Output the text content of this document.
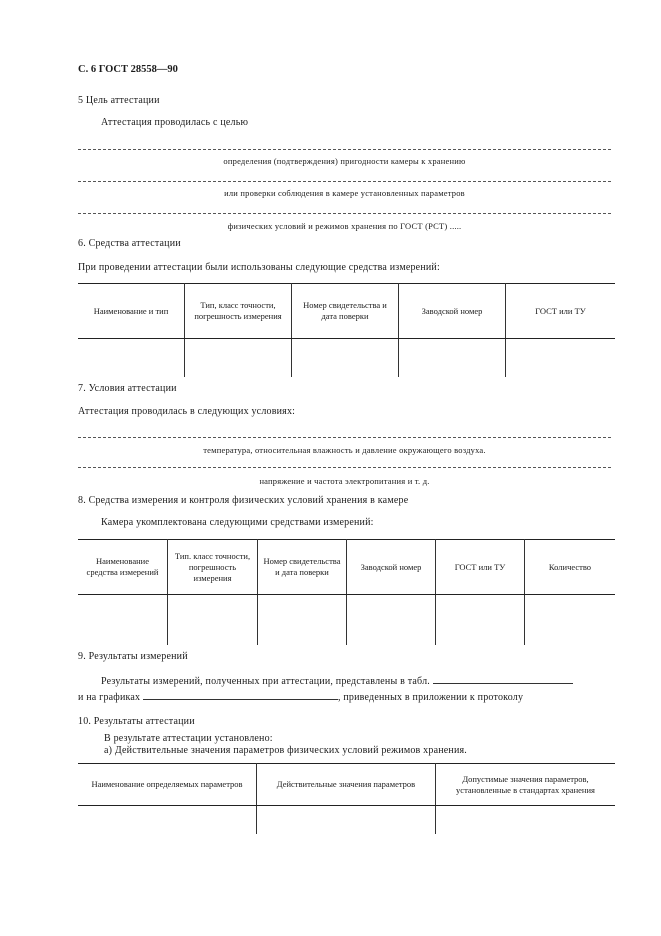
С. 6 ГОСТ 28558—90
5 Цель аттестации
Аттестация проводилась с целью
определения (подтверждения) пригодности камеры к хранению
или проверки соблюдения в камере установленных параметров
физических условий и режимов хранения по ГОСТ (РСТ) .....
6. Средства аттестации
При проведении аттестации были использованы следующие средства измерений:
Наименование и тип	Тип, класс точности, погрешность измерения	Номер свидетельства и дата поверки	Заводской номер	ГОСТ или ТУ

7. Условия аттестации
Аттестация проводилась в следующих условиях:
температура, относительная влажность и давление окружающего воздуха.
напряжение и частота электропитания и т. д.
8. Средства измерения и контроля физических условий хранения в камере
Камера укомплектована следующими средствами измерений:
Наименование средства измерений	Тип. класс точности, погрешность измерения	Номер свидетельства и дата поверки	Заводской номер	ГОСТ или ТУ	Количество

9. Результаты измерений
Результаты измерений, полученных при аттестации, представлены в табл.
и на графиках	, приведенных в приложении к протоколу
10. Результаты аттестации
В результате аттестации установлено:
а) Действительные значения параметров физических условий режимов хранения.
Наименование определяемых параметров	Действительные значения параметров	Допустимые значения параметров, установленные в стандартах хранения
